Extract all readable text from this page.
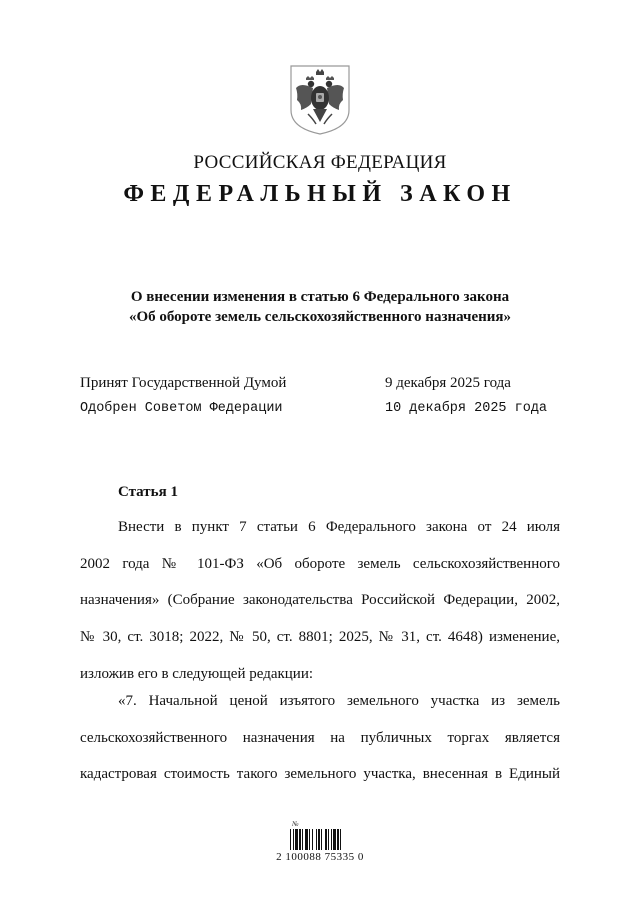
РОССИЙСКАЯ ФЕДЕРАЦИЯ
ФЕДЕРАЛЬНЫЙ ЗАКОН
О внесении изменения в статью 6 Федерального закона
«Об обороте земель сельскохозяйственного назначения»
Принят Государственной Думой	9 декабря 2025 года
Одобрен Советом Федерации	10 декабря 2025 года
Статья 1
Внести в пункт 7 статьи 6 Федерального закона от 24 июля
2002 года № 101-ФЗ «Об обороте земель сельскохозяйственного
назначения» (Собрание законодательства Российской Федерации, 2002,
№ 30, ст. 3018; 2022, № 50, ст. 8801; 2025, № 31, ст. 4648) изменение,
изложив его в следующей редакции:
«7. Начальной ценой изъятого земельного участка из земель
сельскохозяйственного назначения на публичных торгах является
кадастровая стоимость такого земельного участка, внесенная в Единый
№
2 100088 75335 0
